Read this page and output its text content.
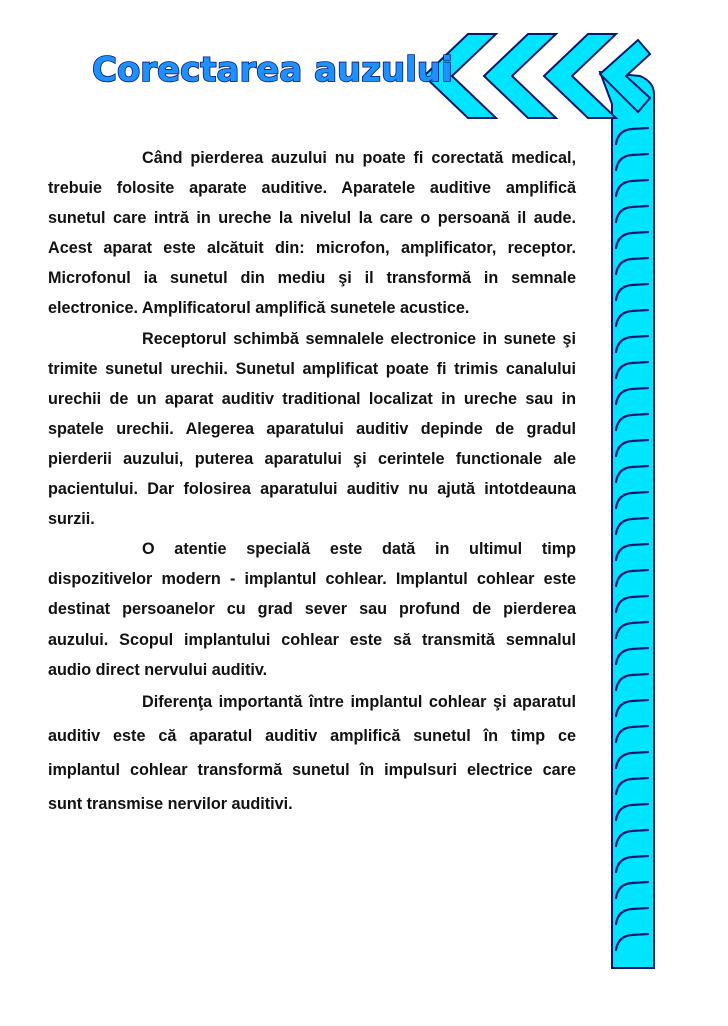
Corectarea auzului

Când pierderea auzului nu poate fi corectată medical, trebuie folosite aparate auditive. Aparatele auditive amplifică sunetul care intră in ureche la nivelul la care o persoană il aude. Acest aparat este alcătuit din: microfon, amplificator, receptor. Microfonul ia sunetul din mediu şi il transformă in semnale electronice. Amplificatorul amplifică sunetele acustice.

Receptorul schimbă semnalele electronice in sunete şi trimite sunetul urechii. Sunetul amplificat poate fi trimis canalului urechii de un aparat auditiv traditional localizat in ureche sau in spatele urechii. Alegerea aparatului auditiv depinde de gradul pierderii auzului, puterea aparatului şi cerintele functionale ale pacientului. Dar folosirea aparatului auditiv nu ajută intotdeauna surzii.

O atentie specială este dată in ultimul timp dispozitivelor modern - implantul cohlear. Implantul cohlear este destinat persoanelor cu grad sever sau profund de pierderea auzului. Scopul implantului cohlear este să transmită semnalul audio direct nervului auditiv.

Diferenţa importantă între implantul cohlear şi aparatul auditiv este că aparatul auditiv amplifică sunetul în timp ce implantul cohlear transformă sunetul în impulsuri electrice care sunt transmise nervilor auditivi.
